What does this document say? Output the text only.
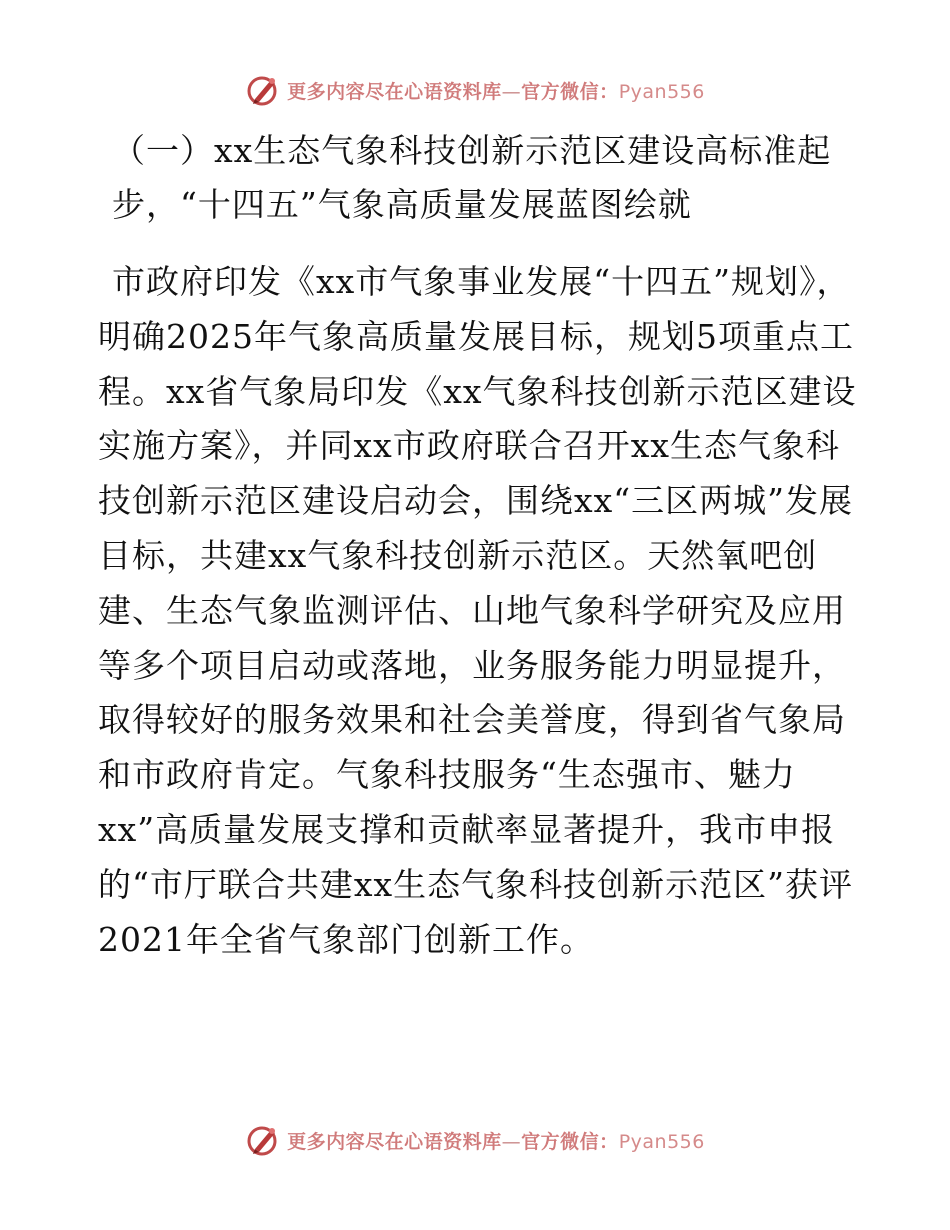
更多内容尽在心语资料库—官方微信：Pyan556
（一）xx生态气象科技创新示范区建设高标准起步，“十四五”气象高质量发展蓝图绘就

市政府印发《xx市气象事业发展“十四五”规划》，明确2025年气象高质量发展目标，规划5项重点工程。xx省气象局印发《xx气象科技创新示范区建设实施方案》，并同xx市政府联合召开xx生态气象科技创新示范区建设启动会，围绕xx“三区两城”发展目标，共建xx气象科技创新示范区。天然氧吧创建、生态气象监测评估、山地气象科学研究及应用等多个项目启动或落地，业务服务能力明显提升，取得较好的服务效果和社会美誉度，得到省气象局和市政府肯定。气象科技服务“生态强市、魅力xx”高质量发展支撑和贡献率显著提升，我市申报的“市厅联合共建xx生态气象科技创新示范区”获评2021年全省气象部门创新工作。

更多内容尽在心语资料库—官方微信：Pyan556
